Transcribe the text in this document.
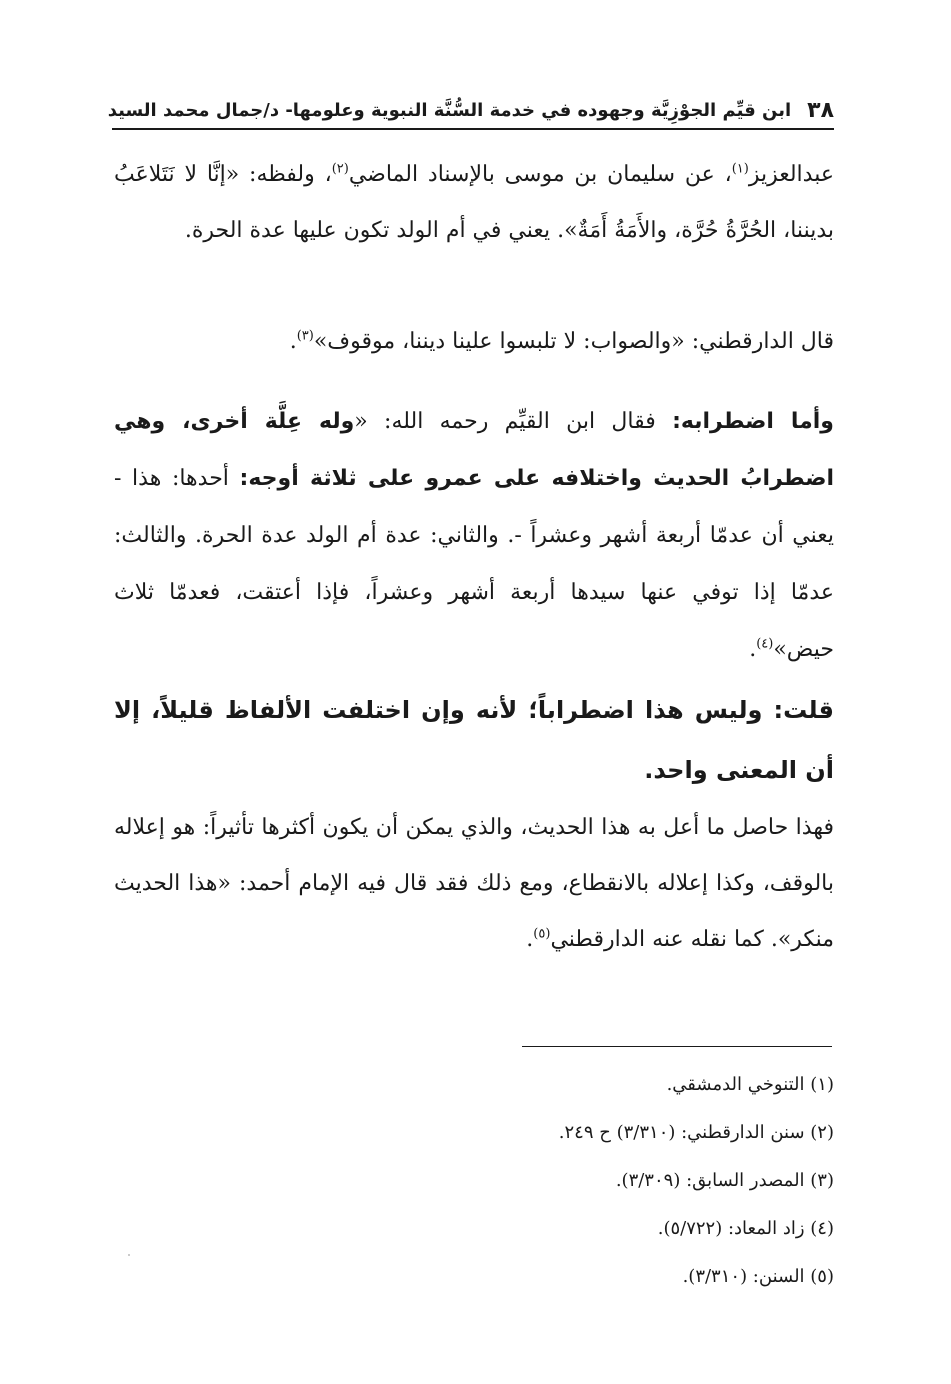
٣٨
ابن قيِّم الجوْزِيَّة وجهوده في خدمة السُّنَّة النبوية وعلومها- د/جمال محمد السيد

عبدالعزيز$^{(١)}$، عن سليمان بن موسى بالإسناد الماضي$^{(٢)}$، ولفظه: «إنَّا لا نَتَلاعَبُ بديننا، الحُرَّةُ حُرَّة، والأَمَةُ أَمَةٌ». يعني في أم الولد تكون عليها عدة الحرة.

قال الدارقطني: «والصواب: لا تلبسوا علينا ديننا، موقوف»$^{(٣)}$.

وأما اضطرابه: فقال ابن القيِّم رحمه الله: «وله عِلَّة أخرى، وهي اضطرابُ الحديث واختلافه على عمرو على ثلاثة أوجه: أحدها: هذا - يعني أن عدمّا أربعة أشهر وعشراً -. والثاني: عدة أم الولد عدة الحرة. والثالث: عدمّا إذا توفي عنها سيدها أربعة أشهر وعشراً، فإذا أعتقت، فعدمّا ثلاث حيض»$^{(٤)}$.

قلت: وليس هذا اضطراباً؛ لأنه وإن اختلفت الألفاظ قليلاً، إلا أن المعنى واحد.

فهذا حاصل ما أعل به هذا الحديث، والذي يمكن أن يكون أكثرها تأثيراً: هو إعلاله بالوقف، وكذا إعلاله بالانقطاع، ومع ذلك فقد قال فيه الإمام أحمد: «هذا الحديث منكر». كما نقله عنه الدارقطني$^{(٥)}$.

(١) التنوخي الدمشقي.
(٢) سنن الدارقطني: (٣/٣١٠) ح ٢٤٩.
(٣) المصدر السابق: (٣/٣٠٩).
(٤) زاد المعاد: (٥/٧٢٢).
(٥) السنن: (٣/٣١٠).
